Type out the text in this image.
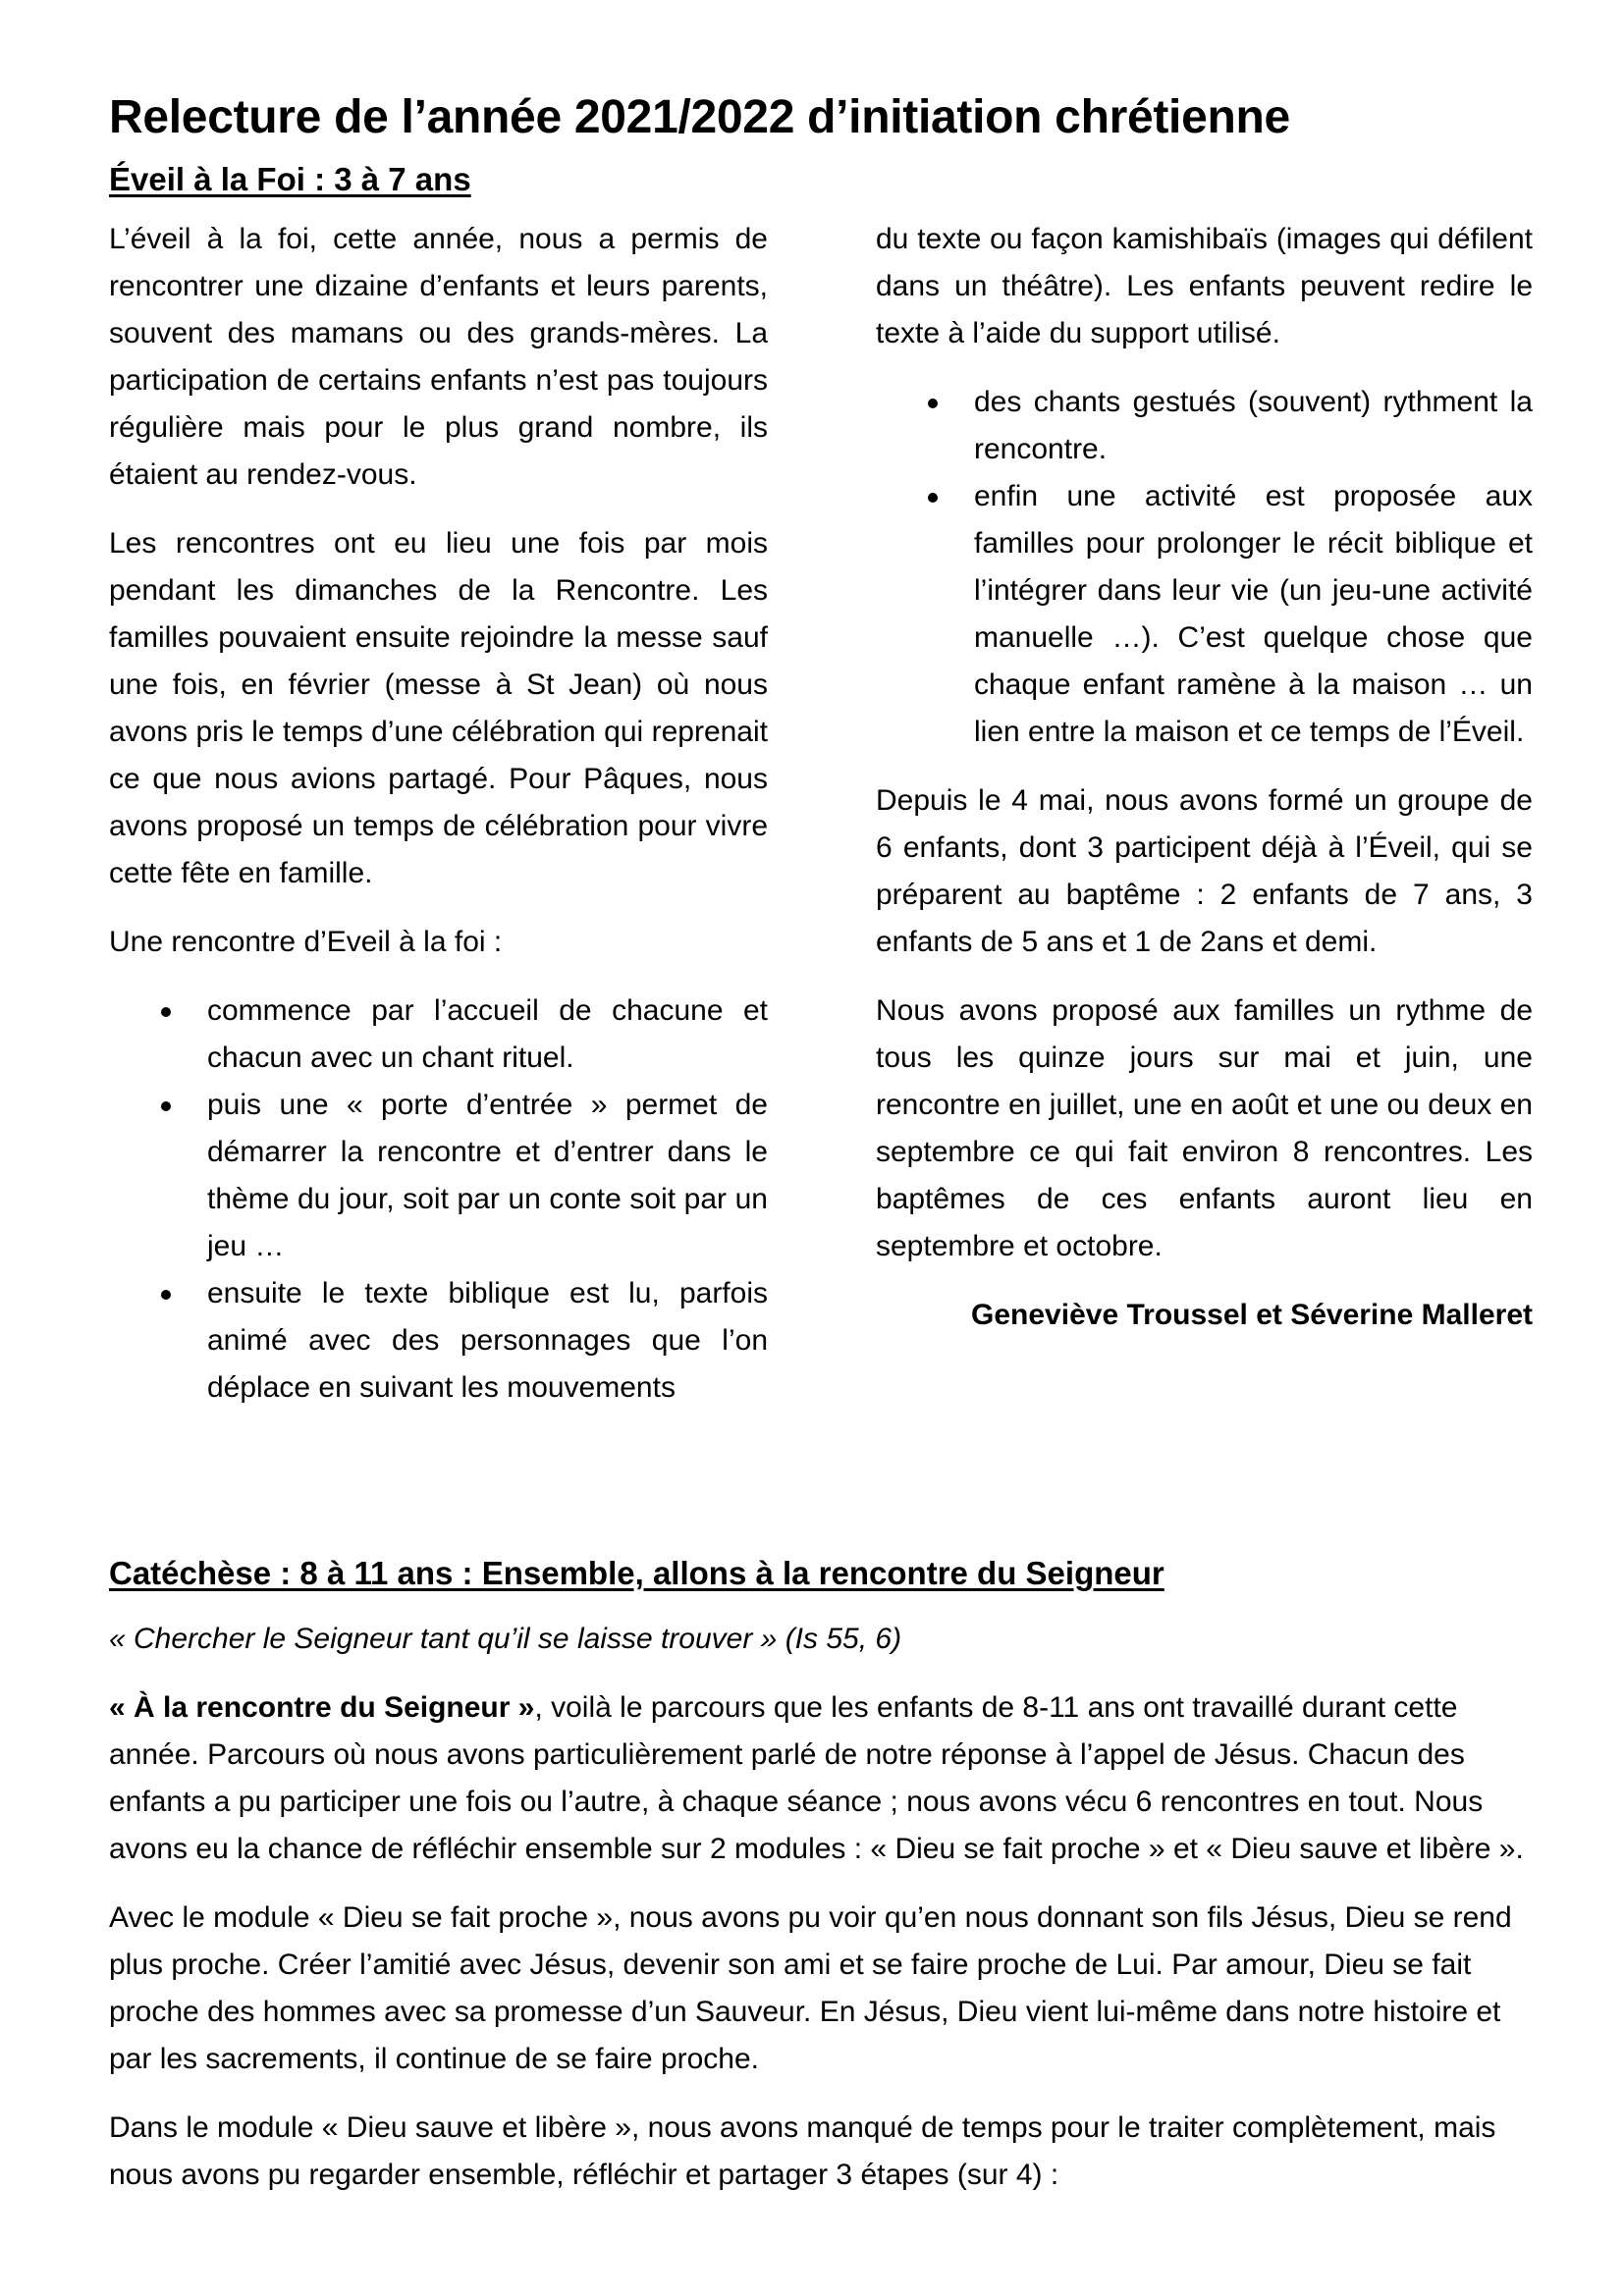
Relecture de l’année 2021/2022 d’initiation chrétienne
Éveil à la Foi : 3 à 7 ans

L’éveil à la foi, cette année, nous a permis de rencontrer une dizaine d’enfants et leurs parents, souvent des mamans ou des grands-mères. La participation de certains enfants n’est pas toujours régulière mais pour le plus grand nombre, ils étaient au rendez-vous.

Les rencontres ont eu lieu une fois par mois pendant les dimanches de la Rencontre. Les familles pouvaient ensuite rejoindre la messe sauf une fois, en février (messe à St Jean) où nous avons pris le temps d’une célébration qui reprenait ce que nous avions partagé. Pour Pâques, nous avons proposé un temps de célébration pour vivre cette fête en famille.

Une rencontre d’Eveil à la foi :

commence par l’accueil de chacune et chacun avec un chant rituel.
puis une « porte d’entrée » permet de démarrer la rencontre et d’entrer dans le thème du jour, soit par un conte soit par un jeu …
ensuite le texte biblique est lu, parfois animé avec des personnages que l’on déplace en suivant les mouvements

du texte ou façon kamishibaïs (images qui défilent dans un théâtre). Les enfants peuvent redire le texte à l’aide du support utilisé.

des chants gestués (souvent) rythment la rencontre.
enfin une activité est proposée aux familles pour prolonger le récit biblique et l’intégrer dans leur vie (un jeu-une activité manuelle …). C’est quelque chose que chaque enfant ramène à la maison … un lien entre la maison et ce temps de l’Éveil.

Depuis le 4 mai, nous avons formé un groupe de 6 enfants, dont 3 participent déjà à l’Éveil, qui se préparent au baptême : 2 enfants de 7 ans, 3 enfants de 5 ans et 1 de 2ans et demi.

Nous avons proposé aux familles un rythme de tous les quinze jours sur mai et juin, une rencontre en juillet, une en août et une ou deux en septembre ce qui fait environ 8 rencontres. Les baptêmes de ces enfants auront lieu en septembre et octobre.

Geneviève Troussel et Séverine Malleret

Catéchèse : 8 à 11 ans : Ensemble, allons à la rencontre du Seigneur

« Chercher le Seigneur tant qu’il se laisse trouver » (Is 55, 6)

« À la rencontre du Seigneur », voilà le parcours que les enfants de 8-11 ans ont travaillé durant cette année. Parcours où nous avons particulièrement parlé de notre réponse à l’appel de Jésus. Chacun des enfants a pu participer une fois ou l’autre, à chaque séance ; nous avons vécu 6 rencontres en tout. Nous avons eu la chance de réfléchir ensemble sur 2 modules : « Dieu se fait proche » et « Dieu sauve et libère ».

Avec le module « Dieu se fait proche », nous avons pu voir qu’en nous donnant son fils Jésus, Dieu se rend plus proche. Créer l’amitié avec Jésus, devenir son ami et se faire proche de Lui. Par amour, Dieu se fait proche des hommes avec sa promesse d’un Sauveur. En Jésus, Dieu vient lui-même dans notre histoire et par les sacrements, il continue de se faire proche.

Dans le module « Dieu sauve et libère », nous avons manqué de temps pour le traiter complètement, mais nous avons pu regarder ensemble, réfléchir et partager 3 étapes (sur 4) :
